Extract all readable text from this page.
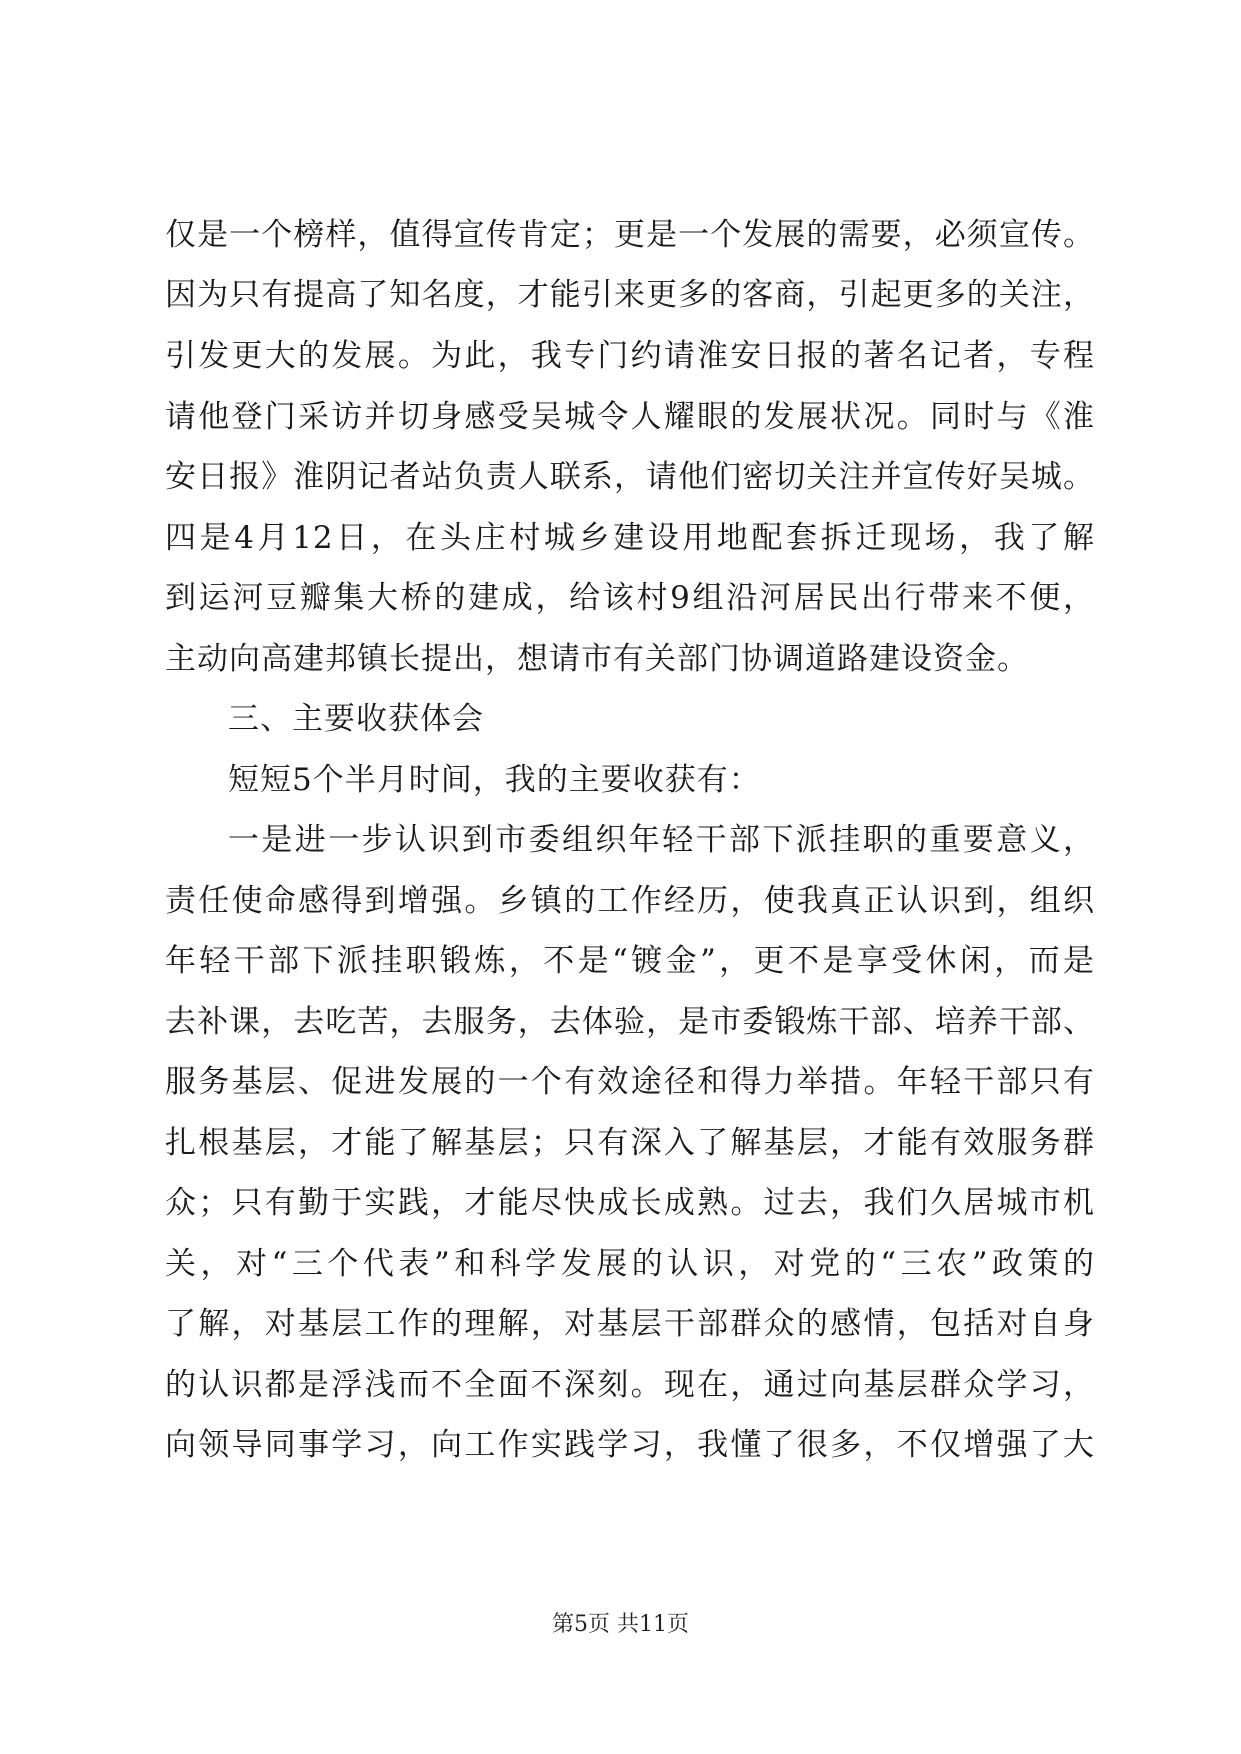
仅是一个榜样，值得宣传肯定；更是一个发展的需要，必须宣传。
因为只有提高了知名度，才能引来更多的客商，引起更多的关注，
引发更大的发展。为此，我专门约请淮安日报的著名记者，专程
请他登门采访并切身感受吴城令人耀眼的发展状况。同时与《淮
安日报》淮阴记者站负责人联系，请他们密切关注并宣传好吴城。
四是4月12日，在头庄村城乡建设用地配套拆迁现场，我了解
到运河豆瓣集大桥的建成，给该村9组沿河居民出行带来不便，
主动向高建邦镇长提出，想请市有关部门协调道路建设资金。
三、主要收获体会
短短5个半月时间，我的主要收获有：
一是进一步认识到市委组织年轻干部下派挂职的重要意义，
责任使命感得到增强。乡镇的工作经历，使我真正认识到，组织
年轻干部下派挂职锻炼，不是“镀金”，更不是享受休闲，而是
去补课，去吃苦，去服务，去体验，是市委锻炼干部、培养干部、
服务基层、促进发展的一个有效途径和得力举措。年轻干部只有
扎根基层，才能了解基层；只有深入了解基层，才能有效服务群
众；只有勤于实践，才能尽快成长成熟。过去，我们久居城市机
关，对“三个代表”和科学发展的认识，对党的“三农”政策的
了解，对基层工作的理解，对基层干部群众的感情，包括对自身
的认识都是浮浅而不全面不深刻。现在，通过向基层群众学习，
向领导同事学习，向工作实践学习，我懂了很多，不仅增强了大
第5页 共11页
